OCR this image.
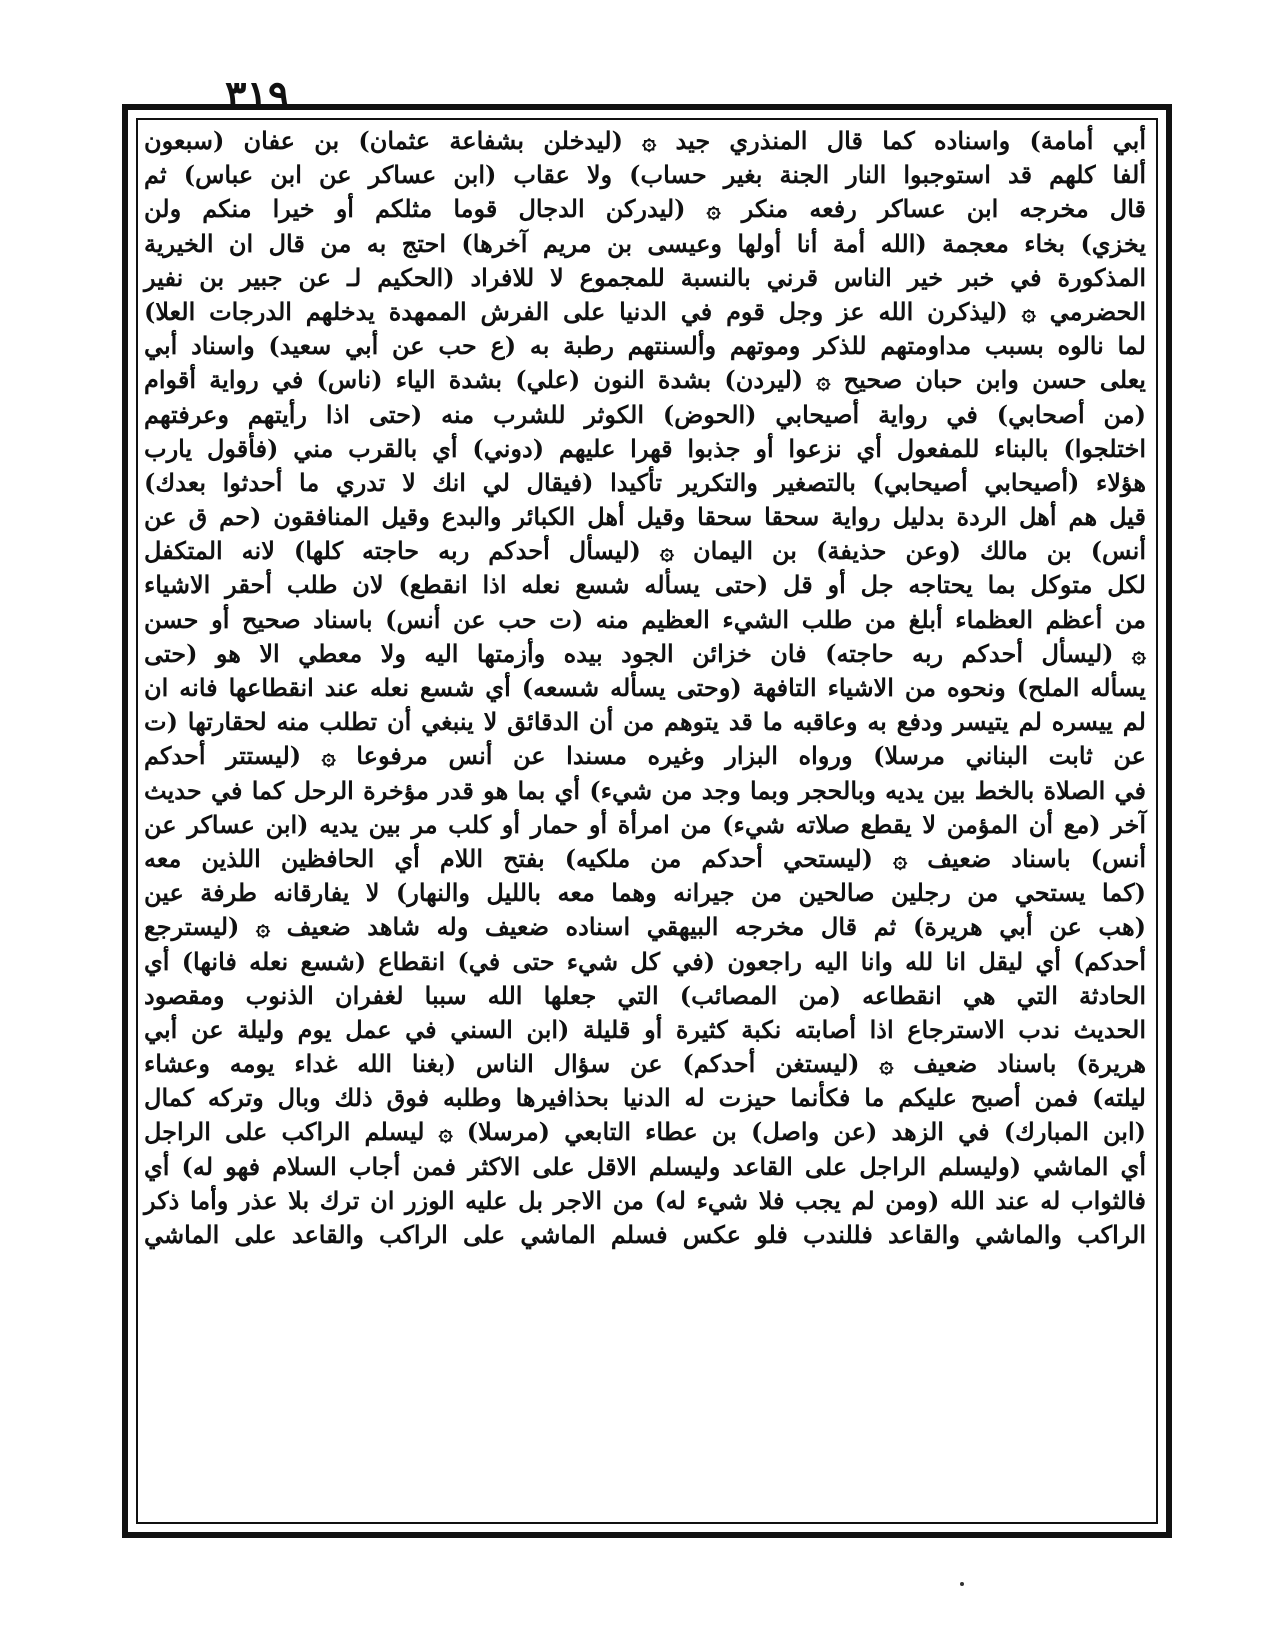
٣١٩
أبي أمامة) واسناده كما قال المنذري جيد ۞ (ليدخلن بشفاعة عثمان) بن عفان (سبعون
ألفا كلهم قد استوجبوا النار الجنة بغير حساب) ولا عقاب (ابن عساكر عن ابن عباس) ثم
قال مخرجه ابن عساكر رفعه منكر ۞ (ليدركن الدجال قوما مثلكم أو خيرا منكم ولن
يخزي) بخاء معجمة (الله أمة أنا أولها وعيسى بن مريم آخرها) احتج به من قال ان الخيرية
المذكورة في خبر خير الناس قرني بالنسبة للمجموع لا للافراد (الحكيم لـ عن جبير بن نفير
الحضرمي ۞ (ليذكرن الله عز وجل قوم في الدنيا على الفرش الممهدة يدخلهم الدرجات العلا)
لما نالوه بسبب مداومتهم للذكر وموتهم وألسنتهم رطبة به (ع حب عن أبي سعيد) واسناد أبي
يعلى حسن وابن حبان صحيح ۞ (ليردن) بشدة النون (علي) بشدة الياء (ناس) في رواية أقوام
(من أصحابي) في رواية أصيحابي (الحوض) الكوثر للشرب منه (حتى اذا رأيتهم وعرفتهم
اختلجوا) بالبناء للمفعول أي نزعوا أو جذبوا قهرا عليهم (دوني) أي بالقرب مني (فأقول يارب
هؤلاء (أصيحابي أصيحابي) بالتصغير والتكرير تأكيدا (فيقال لي انك لا تدري ما أحدثوا بعدك)
قيل هم أهل الردة بدليل رواية سحقا سحقا وقيل أهل الكبائر والبدع وقيل المنافقون (حم ق عن
أنس) بن مالك (وعن حذيفة) بن اليمان ۞ (ليسأل أحدكم ربه حاجته كلها) لانه المتكفل
لكل متوكل بما يحتاجه جل أو قل (حتى يسأله شسع نعله اذا انقطع) لان طلب أحقر الاشياء
من أعظم العظماء أبلغ من طلب الشيء العظيم منه (ت حب عن أنس) باسناد صحيح أو حسن
۞ (ليسأل أحدكم ربه حاجته) فان خزائن الجود بيده وأزمتها اليه ولا معطي الا هو (حتى
يسأله الملح) ونحوه من الاشياء التافهة (وحتى يسأله شسعه) أي شسع نعله عند انقطاعها فانه ان
لم ييسره لم يتيسر ودفع به وعاقبه ما قد يتوهم من أن الدقائق لا ينبغي أن تطلب منه لحقارتها (ت
عن ثابت البناني مرسلا) ورواه البزار وغيره مسندا عن أنس مرفوعا ۞ (ليستتر أحدكم
في الصلاة بالخط بين يديه وبالحجر وبما وجد من شيء) أي بما هو قدر مؤخرة الرحل كما في حديث
آخر (مع أن المؤمن لا يقطع صلاته شيء) من امرأة أو حمار أو كلب مر بين يديه (ابن عساكر عن
أنس) باسناد ضعيف ۞ (ليستحي أحدكم من ملكيه) بفتح اللام أي الحافظين اللذين معه
(كما يستحي من رجلين صالحين من جيرانه وهما معه بالليل والنهار) لا يفارقانه طرفة عين
(هب عن أبي هريرة) ثم قال مخرجه البيهقي اسناده ضعيف وله شاهد ضعيف ۞ (ليسترجع
أحدكم) أي ليقل انا لله وانا اليه راجعون (في كل شيء حتى في) انقطاع (شسع نعله فانها) أي
الحادثة التي هي انقطاعه (من المصائب) التي جعلها الله سببا لغفران الذنوب ومقصود
الحديث ندب الاسترجاع اذا أصابته نكبة كثيرة أو قليلة (ابن السني في عمل يوم وليلة عن أبي
هريرة) باسناد ضعيف ۞ (ليستغن أحدكم) عن سؤال الناس (بغنا الله غداء يومه وعشاء
ليلته) فمن أصبح عليكم ما فكأنما حيزت له الدنيا بحذافيرها وطلبه فوق ذلك وبال وتركه كمال
(ابن المبارك) في الزهد (عن واصل) بن عطاء التابعي (مرسلا) ۞ ليسلم الراكب على الراجل
أي الماشي (وليسلم الراجل على القاعد وليسلم الاقل على الاكثر فمن أجاب السلام فهو له) أي
فالثواب له عند الله (ومن لم يجب فلا شيء له) من الاجر بل عليه الوزر ان ترك بلا عذر وأما ذكر
الراكب والماشي والقاعد فللندب فلو عكس فسلم الماشي على الراكب والقاعد على الماشي
